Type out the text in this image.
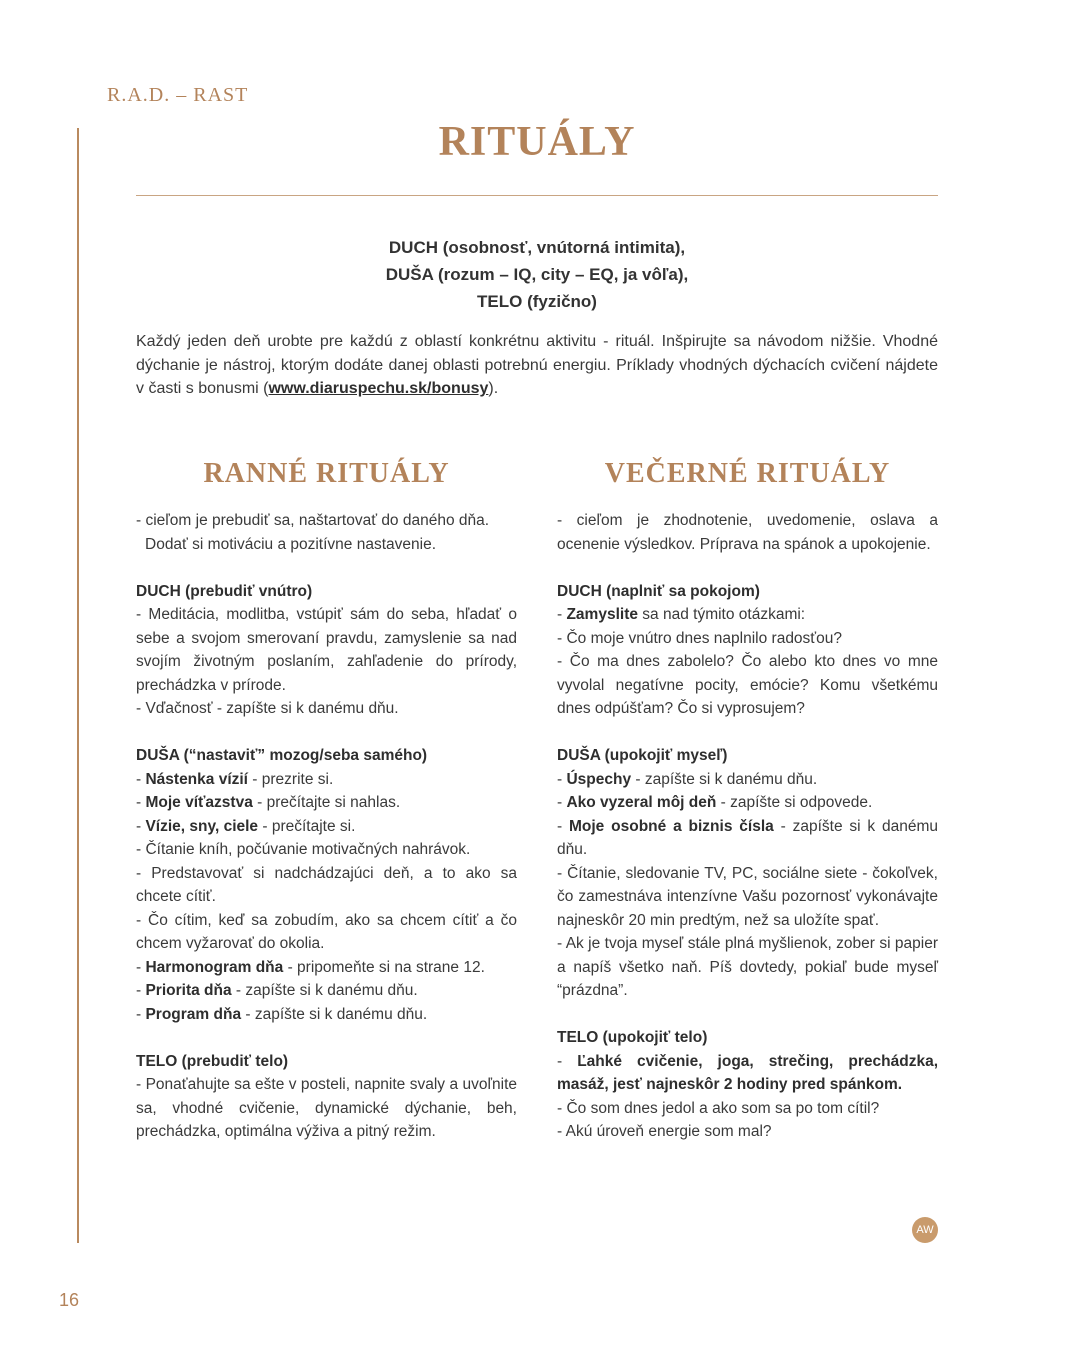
R.A.D. – RAST
RITUÁLY
DUCH (osobnosť, vnútorná intimita),
DUŠA (rozum – IQ, city – EQ, ja vôľa),
TELO (fyzično)

Každý jeden deň urobte pre každú z oblastí konkrétnu aktivitu - rituál. Inšpirujte sa návodom nižšie. Vhodné dýchanie je nástroj, ktorým dodáte danej oblasti potrebnú energiu. Príklady vhodných dýchacích cvičení nájdete v časti s bonusmi (www.diaruspechu.sk/bonusy).

RANNÉ RITUÁLY	VEČERNÉ RITUÁLY
- cieľom je prebudiť sa, naštartovať do daného dňa.
Dodať si motiváciu a pozitívne nastavenie.
DUCH (prebudiť vnútro)
- Meditácia, modlitba, vstúpiť sám do seba, hľadať o sebe a svojom smerovaní pravdu, zamyslenie sa nad svojím životným poslaním, zahľadenie do prírody, prechádzka v prírode.
- Vďačnosť - zapíšte si k danému dňu.
DUŠA (“nastaviť” mozog/seba samého)
- Nástenka vízií - prezrite si.
- Moje víťazstva - prečítajte si nahlas.
- Vízie, sny, ciele - prečítajte si.
- Čítanie kníh, počúvanie motivačných nahrávok.
- Predstavovať si nadchádzajúci deň, a to ako sa chcete cítiť.
- Čo cítim, keď sa zobudím, ako sa chcem cítiť a čo chcem vyžarovať do okolia.
- Harmonogram dňa - pripomeňte si na strane 12.
- Priorita dňa - zapíšte si k danému dňu.
- Program dňa - zapíšte si k danému dňu.
TELO (prebudiť telo)
- Ponaťahujte sa ešte v posteli, napnite svaly a uvoľnite sa, vhodné cvičenie, dynamické dýchanie, beh, prechádzka, optimálna výživa a pitný režim.
- cieľom je zhodnotenie, uvedomenie, oslava a ocenenie výsledkov. Príprava na spánok a upokojenie.
DUCH (naplniť sa pokojom)
- Zamyslite sa nad týmito otázkami:
- Čo moje vnútro dnes naplnilo radosťou?
- Čo ma dnes zabolelo? Čo alebo kto dnes vo mne vyvolal negatívne pocity, emócie? Komu všetkému dnes odpúšťam? Čo si vyprosujem?
DUŠA (upokojiť myseľ)
- Úspechy - zapíšte si k danému dňu.
- Ako vyzeral môj deň - zapíšte si odpovede.
- Moje osobné a biznis čísla - zapíšte si k danému dňu.
- Čítanie, sledovanie TV, PC, sociálne siete - čokoľvek, čo zamestnáva intenzívne Vašu pozornosť vykonávajte najneskôr 20 min predtým, než sa uložíte spať.
- Ak je tvoja myseľ stále plná myšlienok, zober si papier a napíš všetko naň. Píš dovtedy, pokiaľ bude myseľ “prázdna”.
TELO (upokojiť telo)
- Ľahké cvičenie, joga, strečing, prechádzka, masáž, jesť najneskôr 2 hodiny pred spánkom.
- Čo som dnes jedol a ako som sa po tom cítil?
- Akú úroveň energie som mal?
AW
16
